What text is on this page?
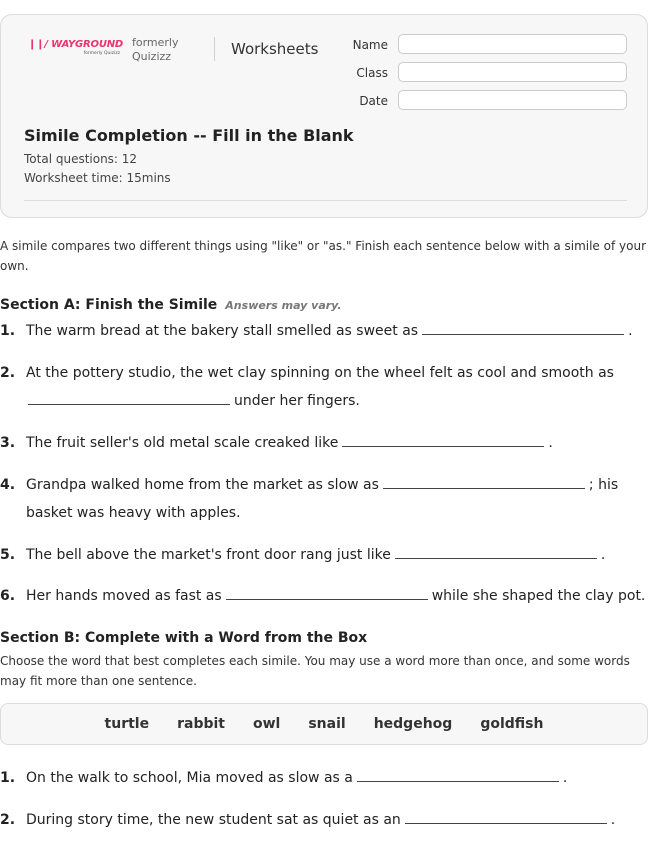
❙❙/ WAYGROUND
formerly Quizizz
formerly
Quizizz	Worksheets	Name
Class
Date
Simile Completion -- Fill in the Blank
Total questions: 12
Worksheet time: 15mins
A simile compares two different things using "like" or "as." Finish each sentence below with a simile of your own.
Section A: Finish the Simile Answers may vary.
1. The warm bread at the bakery stall smelled as sweet as	.
2. At the pottery studio, the wet clay spinning on the wheel felt as cool and smooth as
under her fingers.
3. The fruit seller's old metal scale creaked like	.
4. Grandpa walked home from the market as slow as	; his basket was heavy with apples.
5. The bell above the market's front door rang just like	.
6. Her hands moved as fast as	while she shaped the clay pot.
Section B: Complete with a Word from the Box
Choose the word that best completes each simile. You may use a word more than once, and some words may fit more than one sentence.
turtle rabbit owl snail hedgehog goldfish
1. On the walk to school, Mia moved as slow as a	.
2. During story time, the new student sat as quiet as an	.
